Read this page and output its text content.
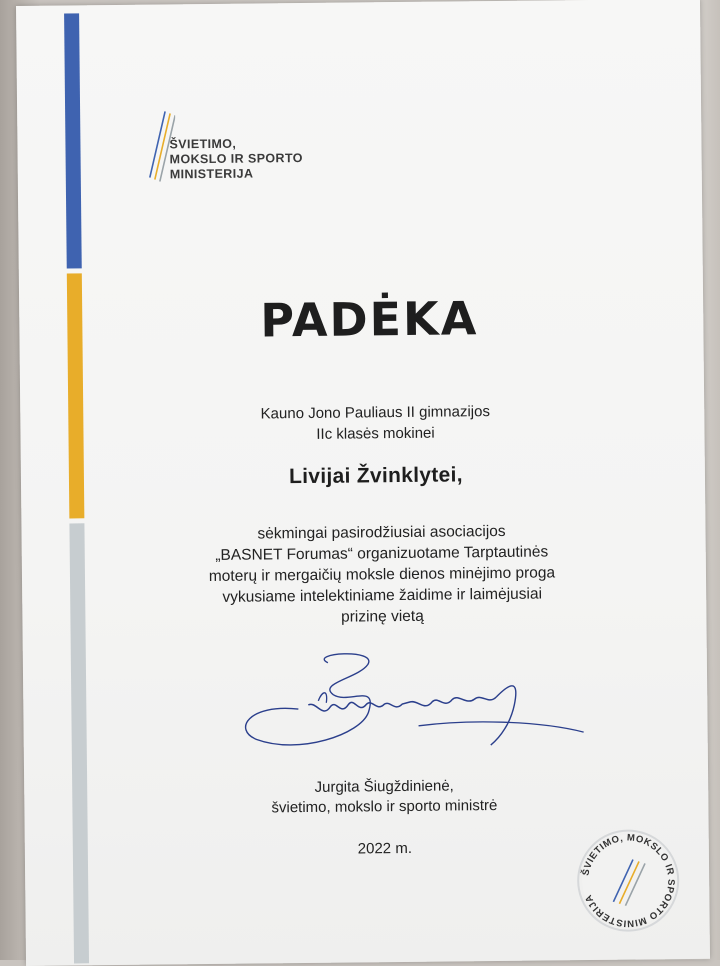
ŠVIETIMO,
MOKSLO IR SPORTO
MINISTERIJA
PADĖKA
Kauno Jono Pauliaus II gimnazijos
IIc klasės mokinei
Livijai Žvinklytei,
sėkmingai pasirodžiusiai asociacijos
„BASNET Forumas“ organizuotame Tarptautinės
moterų ir mergaičių moksle dienos minėjimo proga
vykusiame intelektiniame žaidime ir laimėjusiai
prizinę vietą
Jurgita Šiugždinienė,
švietimo, mokslo ir sporto ministrė
2022 m.
ŠVIETIMO, MOKSLO IR SPORTO MINISTERIJA
